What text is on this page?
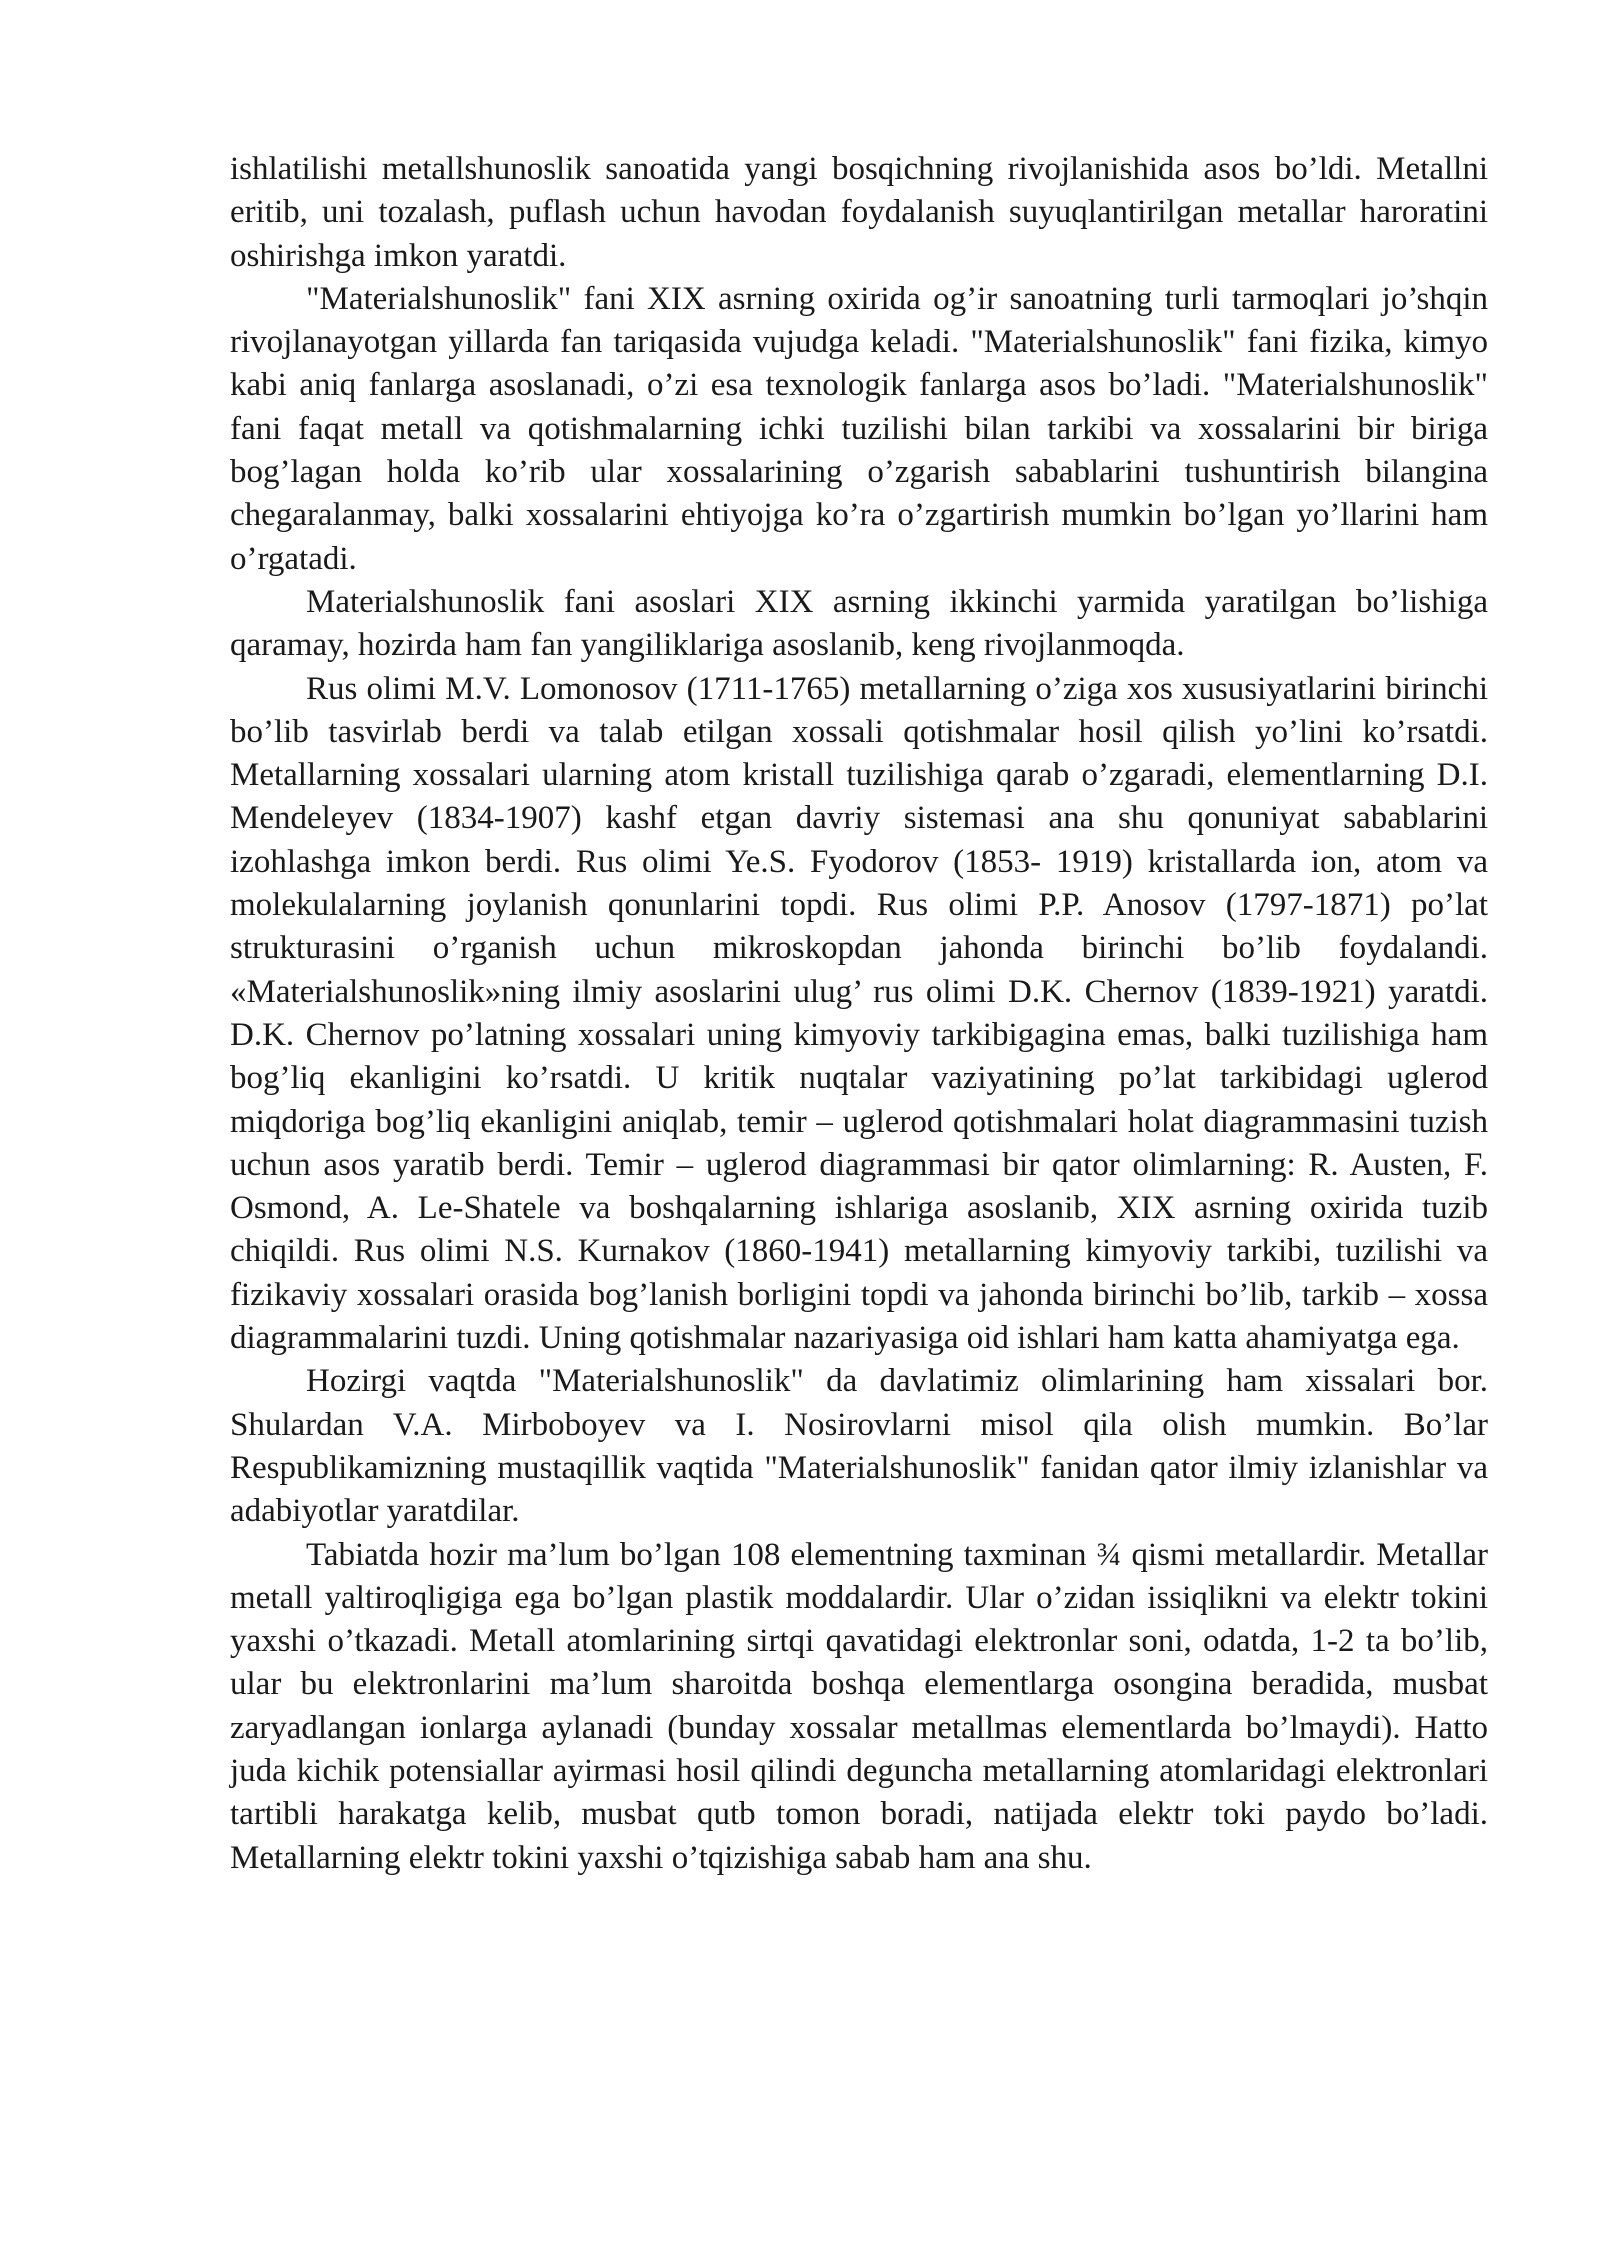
ishlatilishi metallshunoslik sanoatida yangi bosqichning rivojlanishida asos bo’ldi. Metallni eritib, uni tozalash, puflash uchun havodan foydalanish suyuqlantirilgan metallar haroratini oshirishga imkon yaratdi.

"Materialshunoslik" fani XIX asrning oxirida og’ir sanoatning turli tarmoqlari jo’shqin rivojlanayotgan yillarda fan tariqasida vujudga keladi. "Materialshunoslik" fani fizika, kimyo kabi aniq fanlarga asoslanadi, o’zi esa texnologik fanlarga asos bo’ladi. "Materialshunoslik" fani faqat metall va qotishmalarning ichki tuzilishi bilan tarkibi va xossalarini bir biriga bog’lagan holda ko’rib ular xossalarining o’zgarish sabablarini tushuntirish bilangina chegaralanmay, balki xossalarini ehtiyojga ko’ra o’zgartirish mumkin bo’lgan yo’llarini ham o’rgatadi.

Materialshunoslik fani asoslari XIX asrning ikkinchi yarmida yaratilgan bo’lishiga qaramay, hozirda ham fan yangiliklariga asoslanib, keng rivojlanmoqda.

Rus olimi M.V. Lomonosov (1711-1765) metallarning o’ziga xos xususiyatlarini birinchi bo’lib tasvirlab berdi va talab etilgan xossali qotishmalar hosil qilish yo’lini ko’rsatdi. Metallarning xossalari ularning atom kristall tuzilishiga qarab o’zgaradi, elementlarning D.I. Mendeleyev (1834-1907) kashf etgan davriy sistemasi ana shu qonuniyat sabablarini izohlashga imkon berdi. Rus olimi Ye.S. Fyodorov (1853- 1919) kristallarda ion, atom va molekulalarning joylanish qonunlarini topdi. Rus olimi P.P. Anosov (1797-1871) po’lat strukturasini o’rganish uchun mikroskopdan jahonda birinchi bo’lib foydalandi. «Materialshunoslik»ning ilmiy asoslarini ulug’ rus olimi D.K. Chernov (1839-1921) yaratdi. D.K. Chernov po’latning xossalari uning kimyoviy tarkibigagina emas, balki tuzilishiga ham bog’liq ekanligini ko’rsatdi. U kritik nuqtalar vaziyatining po’lat tarkibidagi uglerod miqdoriga bog’liq ekanligini aniqlab, temir – uglerod qotishmalari holat diagrammasini tuzish uchun asos yaratib berdi. Temir – uglerod diagrammasi bir qator olimlarning: R. Austen, F. Osmond, A. Le-Shatele va boshqalarning ishlariga asoslanib, XIX asrning oxirida tuzib chiqildi. Rus olimi N.S. Kurnakov (1860-1941) metallarning kimyoviy tarkibi, tuzilishi va fizikaviy xossalari orasida bog’lanish borligini topdi va jahonda birinchi bo’lib, tarkib – xossa diagrammalarini tuzdi. Uning qotishmalar nazariyasiga oid ishlari ham katta ahamiyatga ega.

Hozirgi vaqtda "Materialshunoslik" da davlatimiz olimlarining ham xissalari bor. Shulardan V.A. Mirboboyev va I. Nosirovlarni misol qila olish mumkin. Bo’lar Respublikamizning mustaqillik vaqtida "Materialshunoslik" fanidan qator ilmiy izlanishlar va adabiyotlar yaratdilar.

Tabiatda hozir ma’lum bo’lgan 108 elementning taxminan ¾ qismi metallardir. Metallar metall yaltiroqligiga ega bo’lgan plastik moddalardir. Ular o’zidan issiqlikni va elektr tokini yaxshi o’tkazadi. Metall atomlarining sirtqi qavatidagi elektronlar soni, odatda, 1-2 ta bo’lib, ular bu elektronlarini ma’lum sharoitda boshqa elementlarga osongina beradida, musbat zaryadlangan ionlarga aylanadi (bunday xossalar metallmas elementlarda bo’lmaydi). Hatto juda kichik potensiallar ayirmasi hosil qilindi deguncha metallarning atomlaridagi elektronlari tartibli harakatga kelib, musbat qutb tomon boradi, natijada elektr toki paydo bo’ladi. Metallarning elektr tokini yaxshi o’tqizishiga sabab ham ana shu.
